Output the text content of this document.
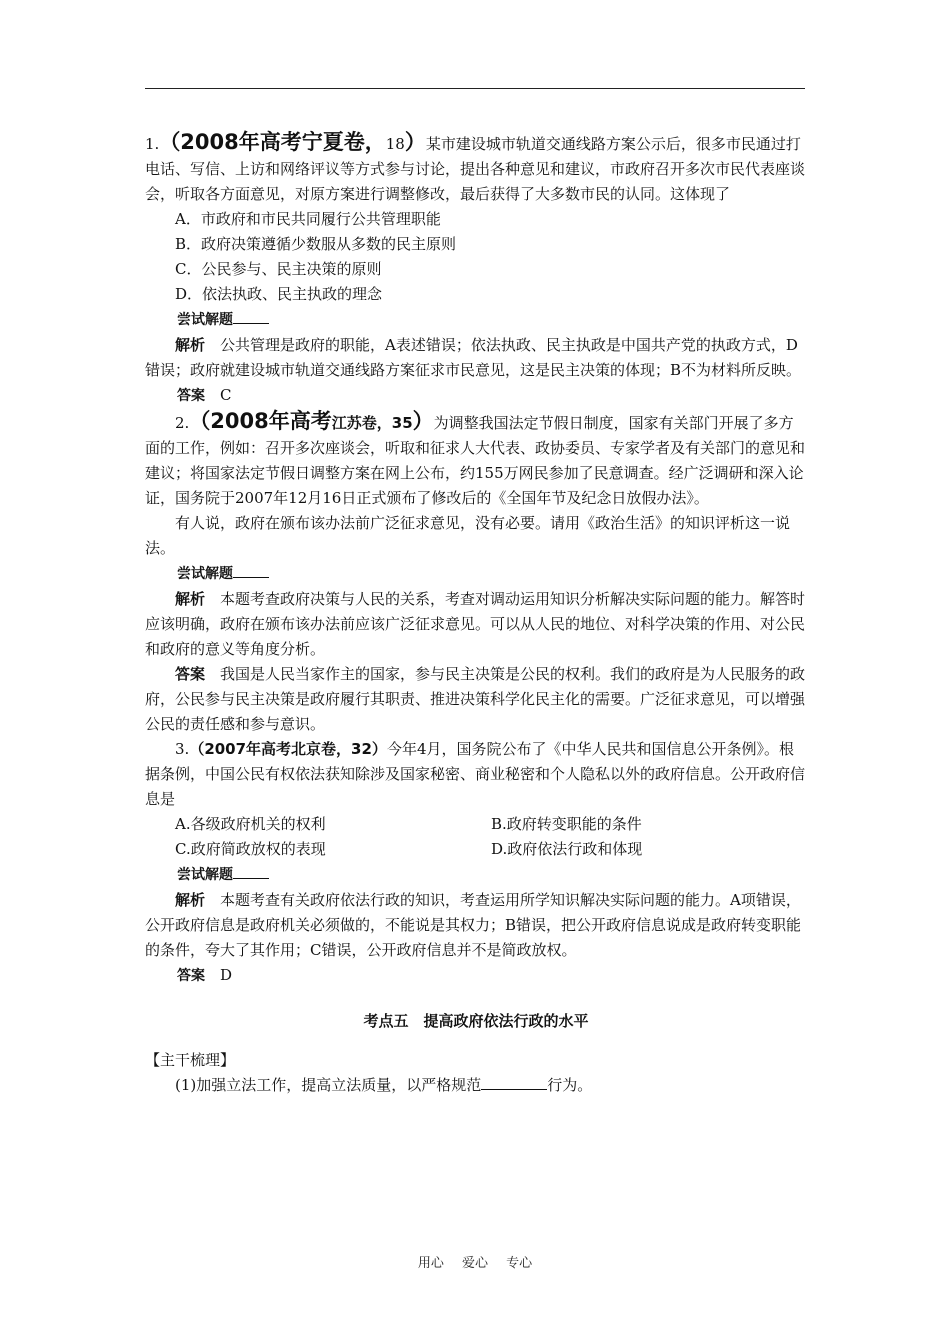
1.（2008年高考宁夏卷，18）某市建设城市轨道交通线路方案公示后，很多市民通过打电话、写信、上访和网络评议等方式参与讨论，提出各种意见和建议，市政府召开多次市民代表座谈会，听取各方面意见，对原方案进行调整修改，最后获得了大多数市民的认同。这体现了

A．市政府和市民共同履行公共管理职能

B．政府决策遵循少数服从多数的民主原则

C．公民参与、民主决策的原则

D．依法执政、民主执政的理念

尝试解题

解析　 公共管理是政府的职能，A表述错误；依法执政、民主执政是中国共产党的执政方式，D错误；政府就建设城市轨道交通线路方案征求市民意见，这是民主决策的体现；B不为材料所反映。

答案　 C

2.（2008年高考江苏卷，35）为调整我国法定节假日制度，国家有关部门开展了多方面的工作，例如：召开多次座谈会，听取和征求人大代表、政协委员、专家学者及有关部门的意见和建议；将国家法定节假日调整方案在网上公布，约155万网民参加了民意调查。经广泛调研和深入论证，国务院于2007年12月16日正式颁布了修改后的《全国年节及纪念日放假办法》。

有人说，政府在颁布该办法前广泛征求意见，没有必要。请用《政治生活》的知识评析这一说法。

尝试解题

解析　 本题考查政府决策与人民的关系，考查对调动运用知识分析解决实际问题的能力。解答时应该明确，政府在颁布该办法前应该广泛征求意见。可以从人民的地位、对科学决策的作用、对公民和政府的意义等角度分析。

答案　 我国是人民当家作主的国家，参与民主决策是公民的权利。我们的政府是为人民服务的政府，公民参与民主决策是政府履行其职责、推进决策科学化民主化的需要。广泛征求意见，可以增强公民的责任感和参与意识。

3.（2007年高考北京卷，32）今年4月，国务院公布了《中华人民共和国信息公开条例》。根据条例，中国公民有权依法获知除涉及国家秘密、商业秘密和个人隐私以外的政府信息。公开政府信息是

A.各级政府机关的权利	B.政府转变职能的条件
C.政府简政放权的表现	D.政府依法行政和体现

尝试解题

解析　 本题考查有关政府依法行政的知识，考查运用所学知识解决实际问题的能力。A项错误，公开政府信息是政府机关必须做的，不能说是其权力；B错误，把公开政府信息说成是政府转变职能的条件，夸大了其作用；C错误，公开政府信息并不是简政放权。

答案　 D

考点五　提高政府依法行政的水平

【主干梳理】

(1)加强立法工作，提高立法质量，以严格规范	行为。

用心 爱心 专心
